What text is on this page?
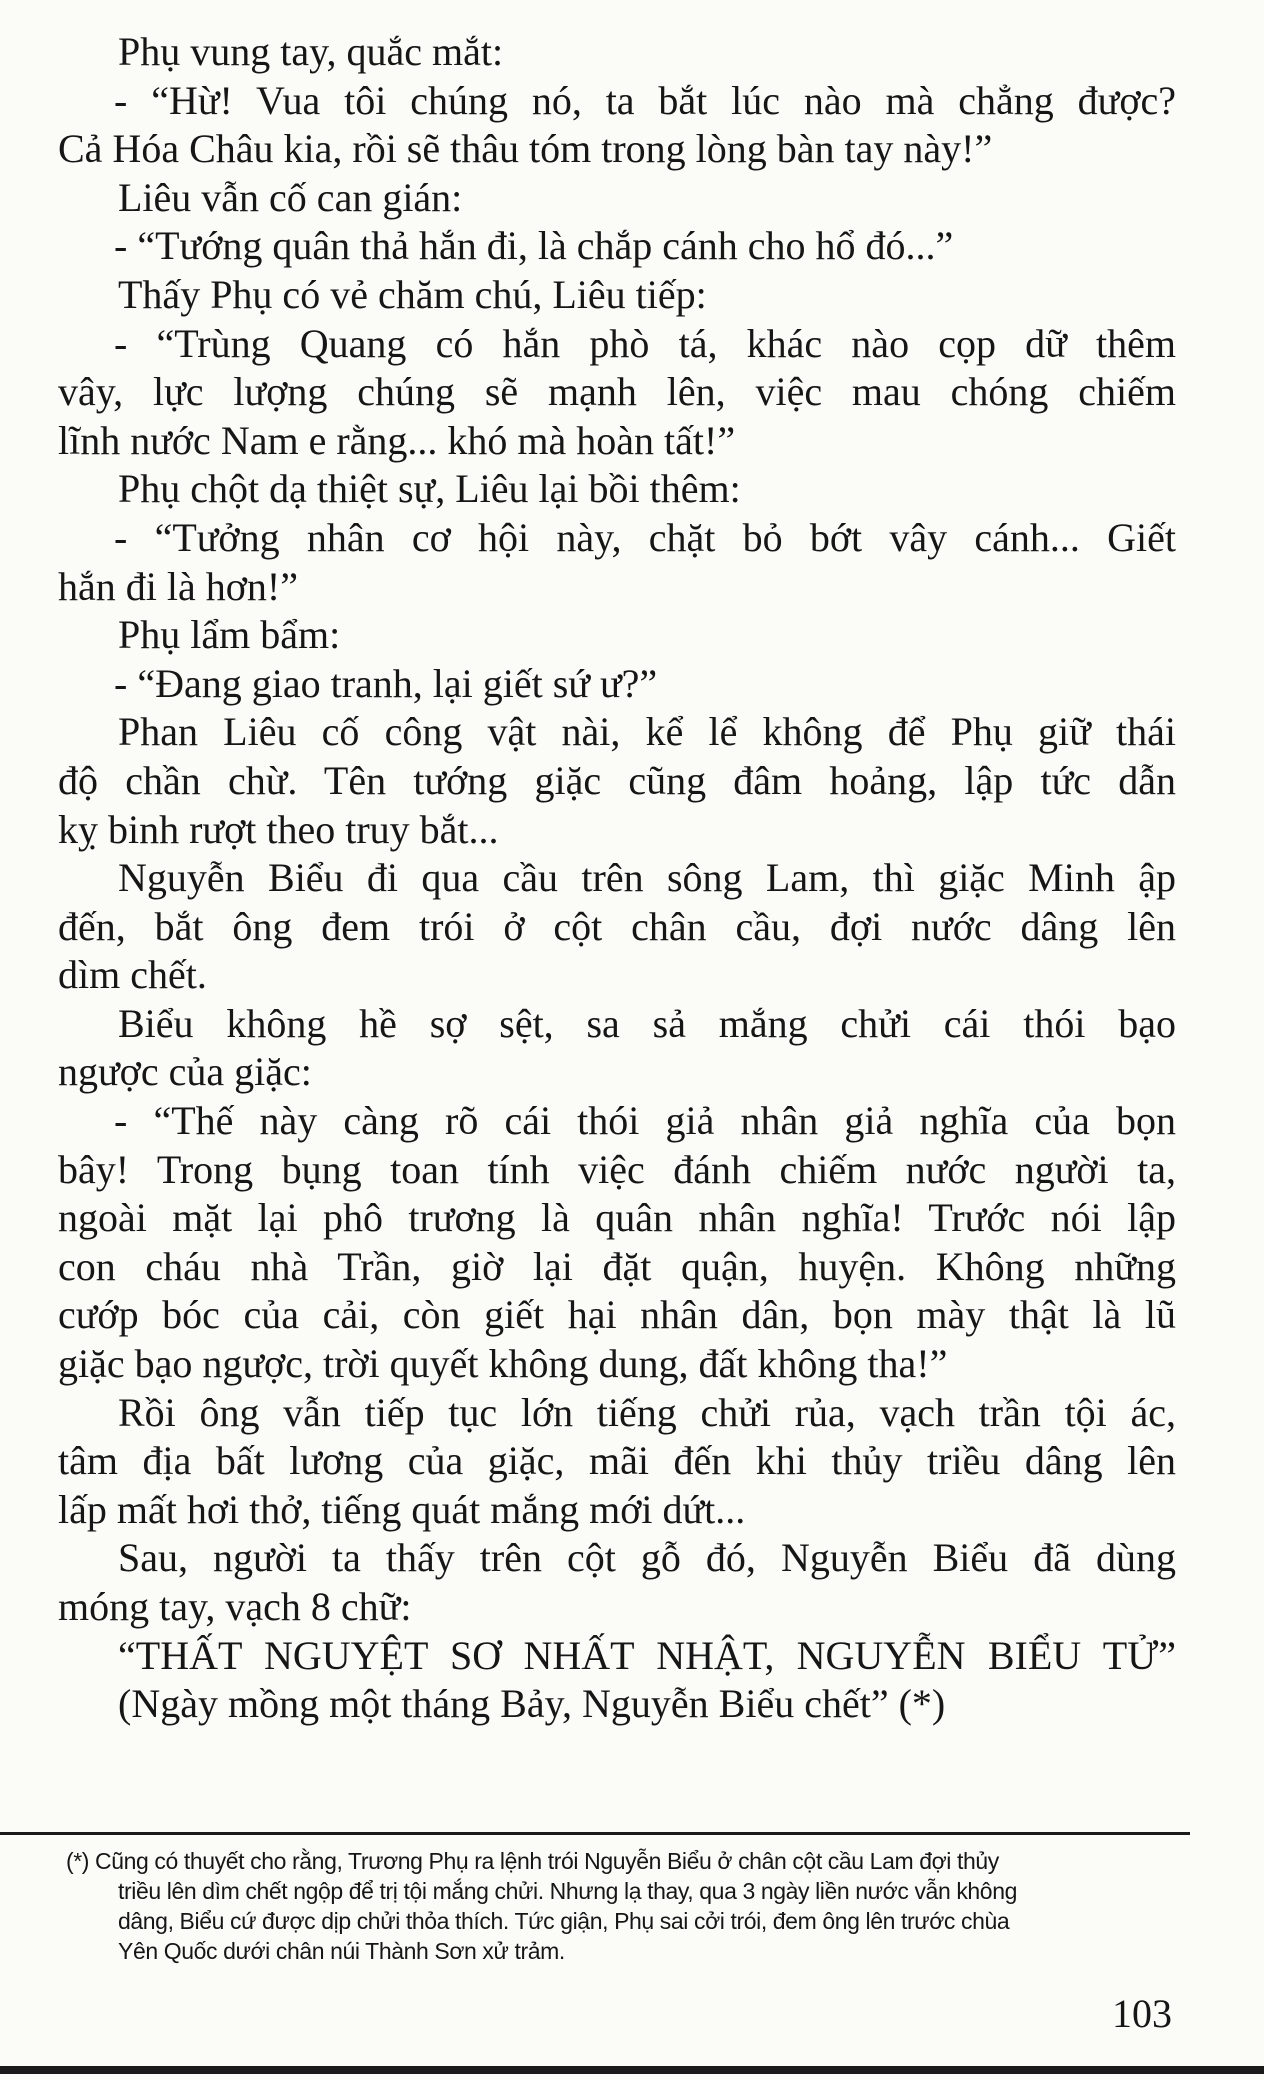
Phụ vung tay, quắc mắt:
- “Hừ! Vua tôi chúng nó, ta bắt lúc nào mà chẳng được?
Cả Hóa Châu kia, rồi sẽ thâu tóm trong lòng bàn tay này!”
Liêu vẫn cố can gián:
- “Tướng quân thả hắn đi, là chắp cánh cho hổ đó...”
Thấy Phụ có vẻ chăm chú, Liêu tiếp:
- “Trùng Quang có hắn phò tá, khác nào cọp dữ thêm
vây, lực lượng chúng sẽ mạnh lên, việc mau chóng chiếm
lĩnh nước Nam e rằng... khó mà hoàn tất!”
Phụ chột dạ thiệt sự, Liêu lại bồi thêm:
- “Tưởng nhân cơ hội này, chặt bỏ bớt vây cánh... Giết
hắn đi là hơn!”
Phụ lẩm bẩm:
- “Đang giao tranh, lại giết sứ ư?”
Phan Liêu cố công vật nài, kể lể không để Phụ giữ thái
độ chần chừ. Tên tướng giặc cũng đâm hoảng, lập tức dẫn
kỵ binh rượt theo truy bắt...
Nguyễn Biểu đi qua cầu trên sông Lam, thì giặc Minh ập
đến, bắt ông đem trói ở cột chân cầu, đợi nước dâng lên
dìm chết.
Biểu không hề sợ sệt, sa sả mắng chửi cái thói bạo
ngược của giặc:
- “Thế này càng rõ cái thói giả nhân giả nghĩa của bọn
bây! Trong bụng toan tính việc đánh chiếm nước người ta,
ngoài mặt lại phô trương là quân nhân nghĩa! Trước nói lập
con cháu nhà Trần, giờ lại đặt quận, huyện. Không những
cướp bóc của cải, còn giết hại nhân dân, bọn mày thật là lũ
giặc bạo ngược, trời quyết không dung, đất không tha!”
Rồi ông vẫn tiếp tục lớn tiếng chửi rủa, vạch trần tội ác,
tâm địa bất lương của giặc, mãi đến khi thủy triều dâng lên
lấp mất hơi thở, tiếng quát mắng mới dứt...
Sau, người ta thấy trên cột gỗ đó, Nguyễn Biểu đã dùng
móng tay, vạch 8 chữ:
“THẤT NGUYỆT SƠ NHẤT NHẬT, NGUYỄN BIỂU TỬ”
(Ngày mồng một tháng Bảy, Nguyễn Biểu chết” (*)
(*) Cũng có thuyết cho rằng, Trương Phụ ra lệnh trói Nguyễn Biểu ở chân cột cầu Lam đợi thủy
triều lên dìm chết ngộp để trị tội mắng chửi. Nhưng lạ thay, qua 3 ngày liền nước vẫn không
dâng, Biểu cứ được dịp chửi thỏa thích. Tức giận, Phụ sai cởi trói, đem ông lên trước chùa
Yên Quốc dưới chân núi Thành Sơn xử trảm.
103
